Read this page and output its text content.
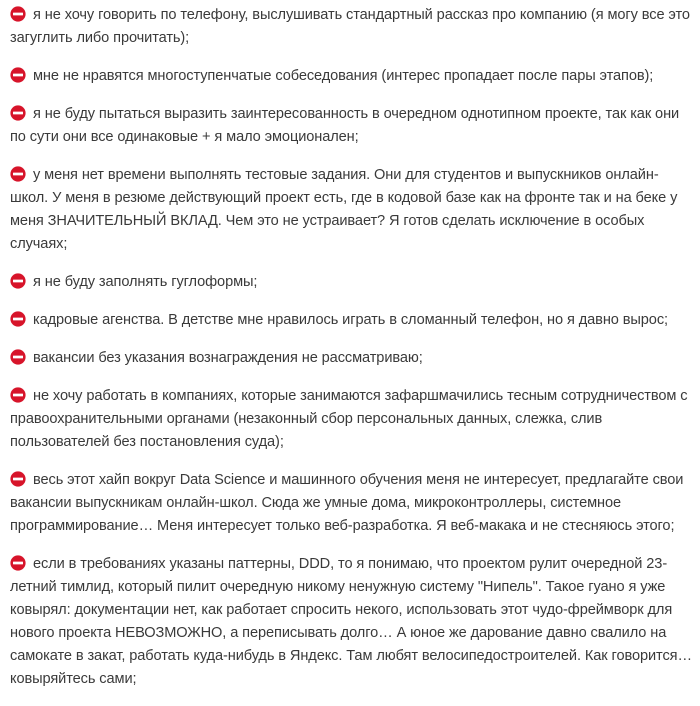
я не хочу говорить по телефону, выслушивать стандартный рассказ про компанию (я могу все это загуглить либо прочитать);

мне не нравятся многоступенчатые собеседования (интерес пропадает после пары этапов);

я не буду пытаться выразить заинтересованность в очередном однотипном проекте, так как они по сути они все одинаковые + я мало эмоционален;

у меня нет времени выполнять тестовые задания. Они для студентов и выпускников онлайн-школ. У меня в резюме действующий проект есть, где в кодовой базе как на фронте так и на беке у меня ЗНАЧИТЕЛЬНЫЙ ВКЛАД. Чем это не устраивает? Я готов сделать исключение в особых случаях;

я не буду заполнять гуглоформы;

кадровые агенства. В детстве мне нравилось играть в сломанный телефон, но я давно вырос;

вакансии без указания вознаграждения не рассматриваю;

не хочу работать в компаниях, которые занимаются зафаршмачились тесным сотрудничеством с правоохранительными органами (незаконный сбор персональных данных, слежка, слив пользователей без постановления суда);

весь этот хайп вокруг Data Science и машинного обучения меня не интересует, предлагайте свои вакансии выпускникам онлайн-школ. Сюда же умные дома, микроконтроллеры, системное программирование… Меня интересует только веб-разработка. Я веб-макака и не стесняюсь этого;

если в требованиях указаны паттерны, DDD, то я понимаю, что проектом рулит очередной 23-летний тимлид, который пилит очередную никому ненужную систему "Нипель". Такое гуано я уже ковырял: документации нет, как работает спросить некого, использовать этот чудо-фреймворк для нового проекта НЕВОЗМОЖНО, а переписывать долго… А юное же дарование давно свалило на самокате в закат, работать куда-нибудь в Яндекс. Там любят велосипедостроителей. Как говорится… ковыряйтесь сами;
